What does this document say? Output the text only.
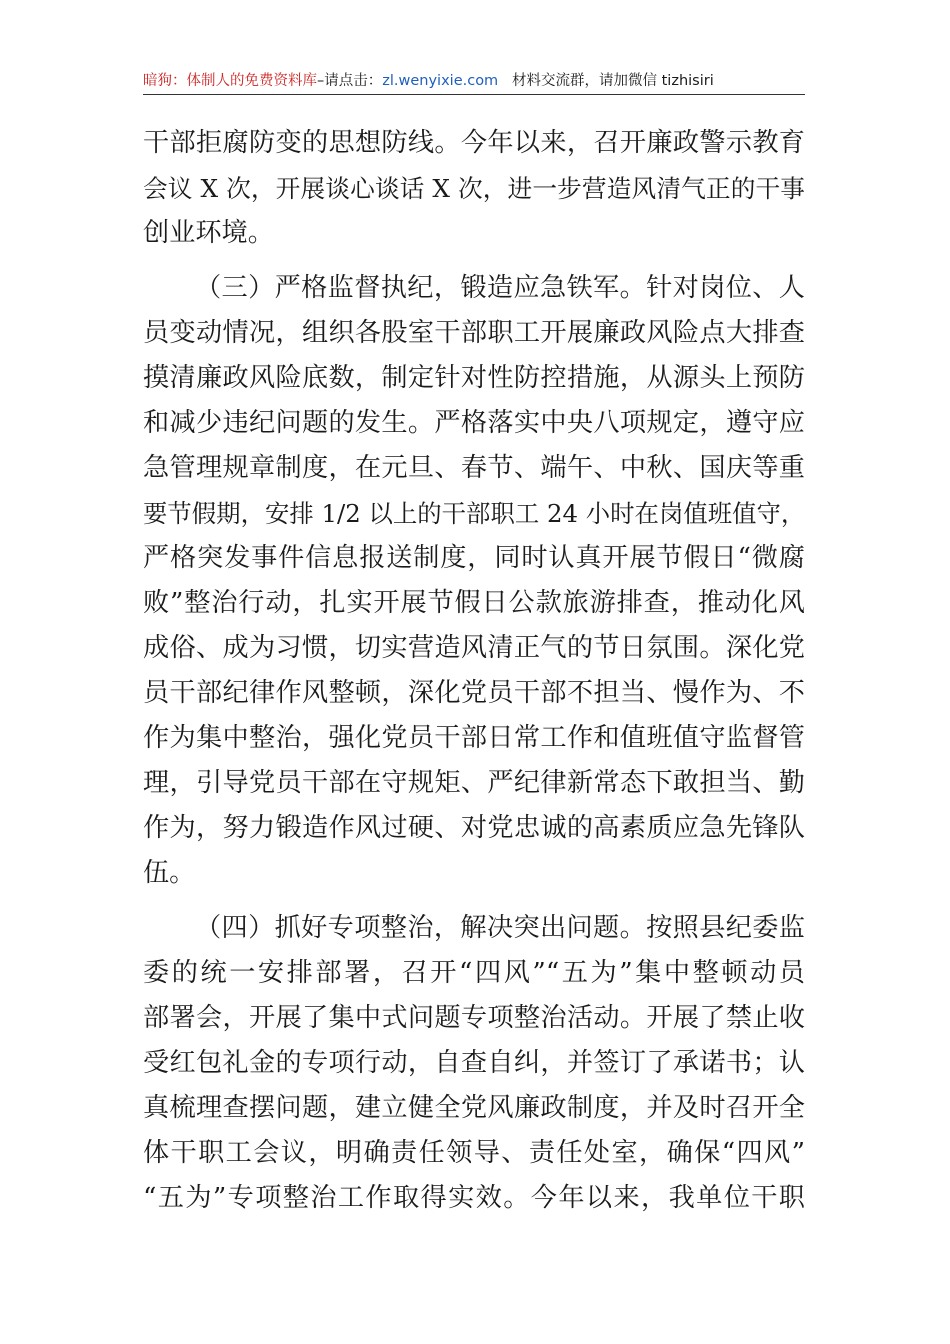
暗狗：体制人的免费资料库–请点击：zl.wenyixie.com 材料交流群，请加微信 tizhisiri
干部拒腐防变的思想防线。今年以来，召开廉政警示教育
会议 X 次，开展谈心谈话 X 次，进一步营造风清气正的干事
创业环境。
（三）严格监督执纪，锻造应急铁军。针对岗位、人
员变动情况，组织各股室干部职工开展廉政风险点大排查
摸清廉政风险底数，制定针对性防控措施，从源头上预防
和减少违纪问题的发生。严格落实中央八项规定，遵守应
急管理规章制度，在元旦、春节、端午、中秋、国庆等重
要节假期，安排 1/2 以上的干部职工 24 小时在岗值班值守，
严格突发事件信息报送制度，同时认真开展节假日“微腐
败”整治行动，扎实开展节假日公款旅游排查，推动化风
成俗、成为习惯，切实营造风清正气的节日氛围。深化党
员干部纪律作风整顿，深化党员干部不担当、慢作为、不
作为集中整治，强化党员干部日常工作和值班值守监督管
理，引导党员干部在守规矩、严纪律新常态下敢担当、勤
作为，努力锻造作风过硬、对党忠诚的高素质应急先锋队
伍。
（四）抓好专项整治，解决突出问题。按照县纪委监
委的统一安排部署，召开“四风”“五为”集中整顿动员
部署会，开展了集中式问题专项整治活动。开展了禁止收
受红包礼金的专项行动，自查自纠，并签订了承诺书；认
真梳理查摆问题，建立健全党风廉政制度，并及时召开全
体干职工会议，明确责任领导、责任处室，确保“四风”
“五为”专项整治工作取得实效。今年以来，我单位干职
